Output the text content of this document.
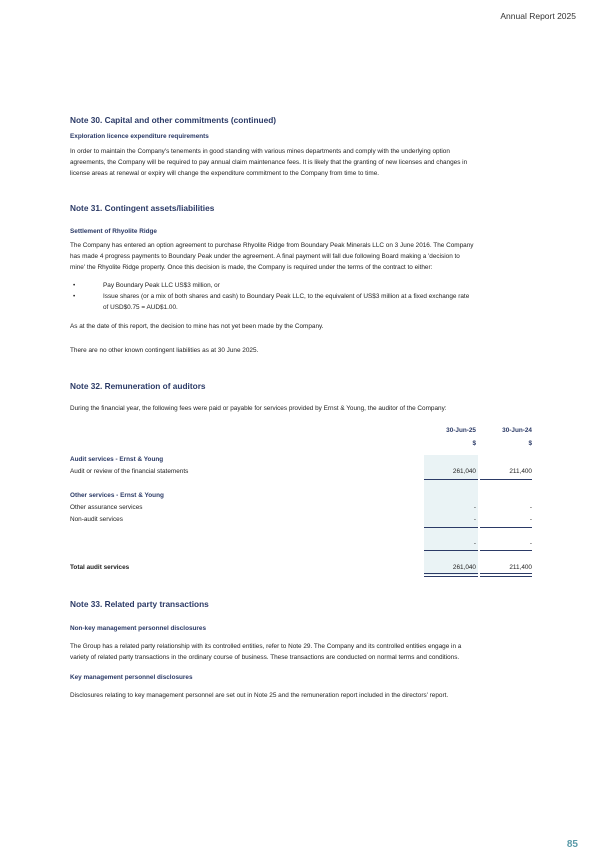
Annual Report 2025
Note 30. Capital and other commitments (continued)
Exploration licence expenditure requirements
In order to maintain the Company's tenements in good standing with various mines departments and comply with the underlying option
agreements, the Company will be required to pay annual claim maintenance fees. It is likely that the granting of new licenses and changes in
license areas at renewal or expiry will change the expenditure commitment to the Company from time to time.
Note 31. Contingent assets/liabilities
Settlement of Rhyolite Ridge
The Company has entered an option agreement to purchase Rhyolite Ridge from Boundary Peak Minerals LLC on 3 June 2016. The Company
has made 4 progress payments to Boundary Peak under the agreement. A final payment will fall due following Board making a 'decision to
mine' the Rhyolite Ridge property. Once this decision is made, the Company is required under the terms of the contract to either:
•	Pay Boundary Peak LLC US$3 million, or
•	Issue shares (or a mix of both shares and cash) to Boundary Peak LLC, to the equivalent of US$3 million at a fixed exchange rate
of USD$0.75 = AUD$1.00.
As at the date of this report, the decision to mine has not yet been made by the Company.
There are no other known contingent liabilities as at 30 June 2025.
Note 32. Remuneration of auditors
During the financial year, the following fees were paid or payable for services provided by Ernst & Young, the auditor of the Company:
30-Jun-25	30-Jun-24
$	$
Audit services - Ernst & Young
Audit or review of the financial statements	261,040	211,400
Other services - Ernst & Young
Other assurance services	-	-
Non-audit services	-	-
-	-
Total audit services	261,040	211,400
Note 33. Related party transactions
Non-key management personnel disclosures
The Group has a related party relationship with its controlled entities, refer to Note 29. The Company and its controlled entities engage in a
variety of related party transactions in the ordinary course of business. These transactions are conducted on normal terms and conditions.
Key management personnel disclosures
Disclosures relating to key management personnel are set out in Note 25 and the remuneration report included in the directors' report.
85
